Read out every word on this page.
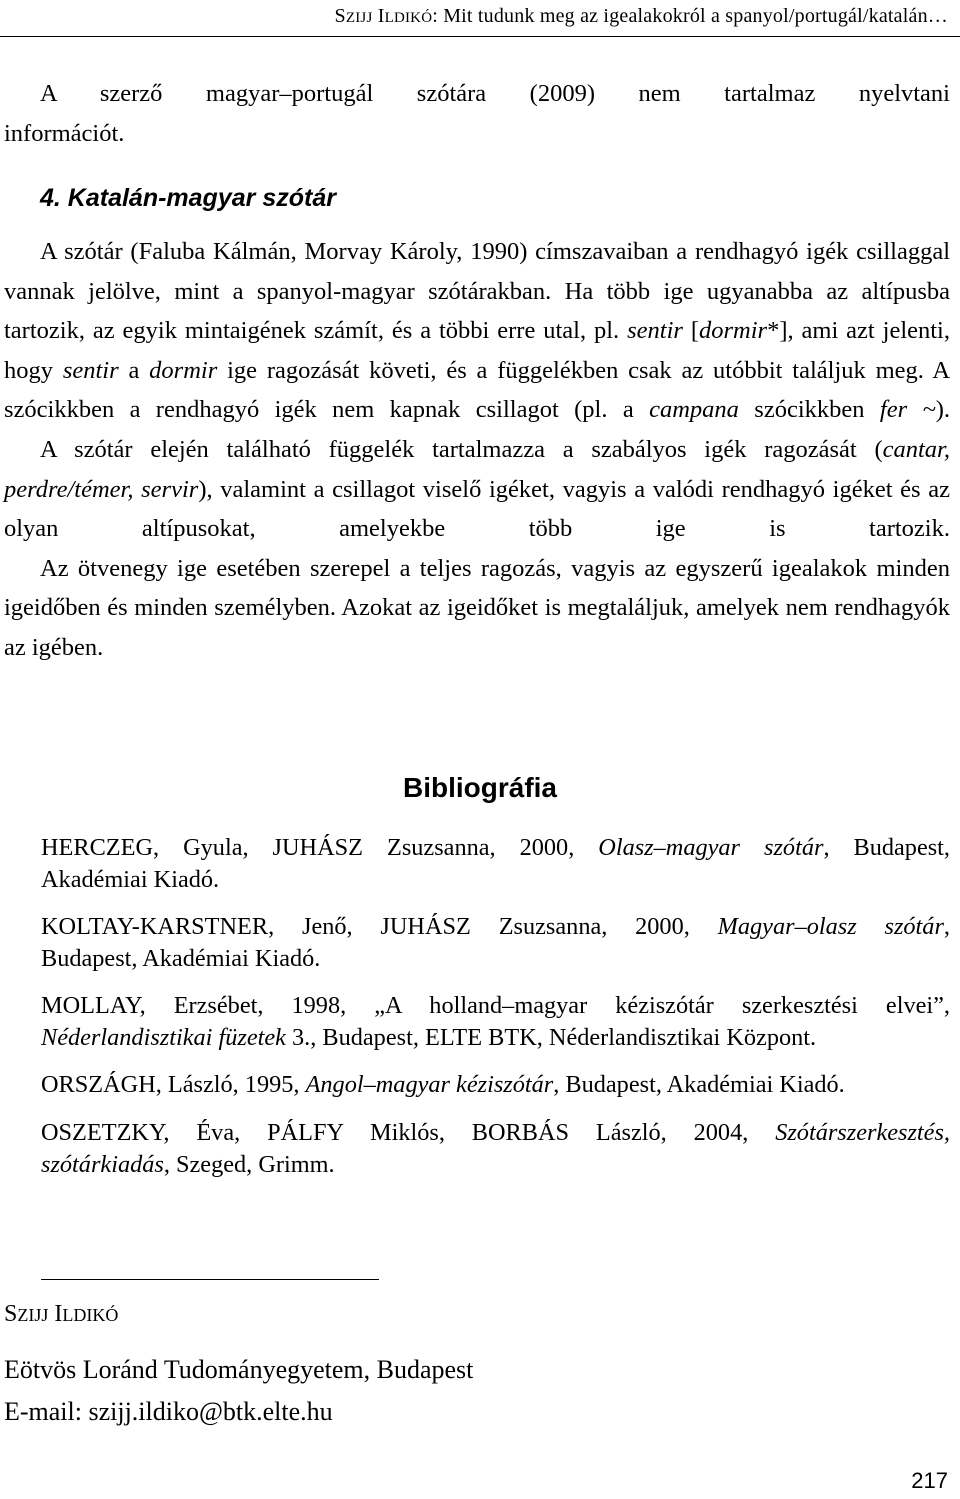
SZIJJ ILDIKÓ: Mit tudunk meg az igealakokról a spanyol/portugál/katalán…

A szerző magyar–portugál szótára (2009) nem tartalmaz nyelvtani

információt.
4. Katalán-magyar szótár

A szótár (Faluba Kálmán, Morvay Károly, 1990) címszavaiban a rendhagyó igék csillaggal vannak jelölve, mint a spanyol-magyar szótárakban. Ha több ige ugyanabba az altípusba tartozik, az egyik mintaigének számít, és a többi erre utal, pl. sentir [dormir*], ami azt jelenti, hogy sentir a dormir ige ragozását követi, és a függelékben csak az utóbbit találjuk meg. A szócikkben a rendhagyó igék nem kapnak csillagot (pl. a campana szócikkben fer ~).

A szótár elején található függelék tartalmazza a szabályos igék ragozását (cantar, perdre/témer, servir), valamint a csillagot viselő igéket, vagyis a valódi rendhagyó igéket és az olyan altípusokat, amelyekbe több ige is tartozik.

Az ötvenegy ige esetében szerepel a teljes ragozás, vagyis az egyszerű igealakok minden igeidőben és minden személyben. Azokat az igeidőket is megtaláljuk, amelyek nem rendhagyók az igében.

Bibliográfia
HERCZEG, Gyula, JUHÁSZ Zsuzsanna, 2000, Olasz–magyar szótár, Budapest,
Akadémiai Kiadó.
KOLTAY-KARSTNER, Jenő, JUHÁSZ Zsuzsanna, 2000, Magyar–olasz szótár,
Budapest, Akadémiai Kiadó.
MOLLAY, Erzsébet, 1998, „A holland–magyar kéziszótár szerkesztési elvei”,
Néderlandisztikai füzetek 3., Budapest, ELTE BTK, Néderlandisztikai Központ.
ORSZÁGH, László, 1995, Angol–magyar kéziszótár, Budapest, Akadémiai Kiadó.
OSZETZKY, Éva, PÁLFY Miklós, BORBÁS László, 2004, Szótárszerkesztés,
szótárkiadás, Szeged, Grimm.
SZIJJ ILDIKÓ
Eötvös Loránd Tudományegyetem, Budapest
E-mail: szijj.ildiko@btk.elte.hu
217
